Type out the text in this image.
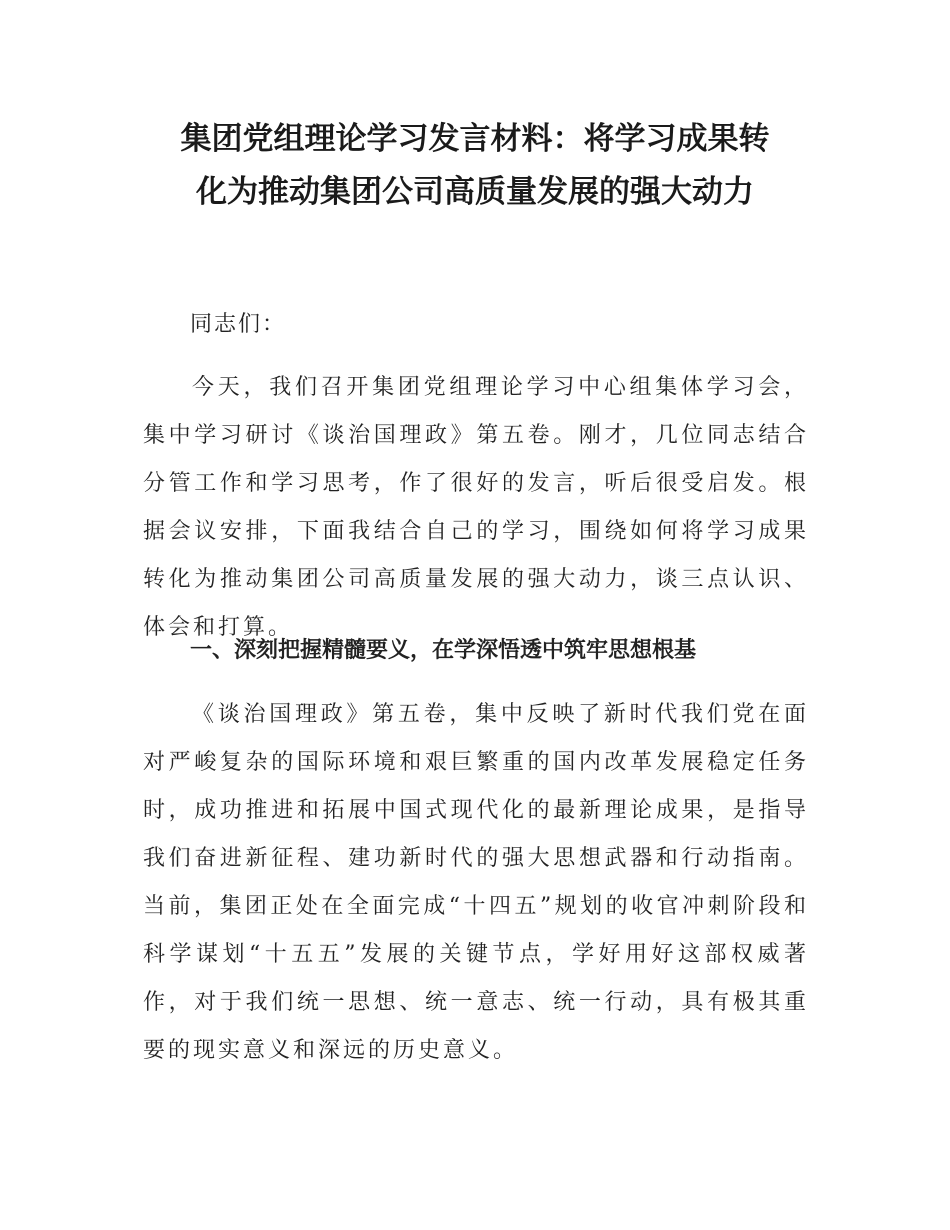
集团党组理论学习发言材料：将学习成果转
化为推动集团公司高质量发展的强大动力

同志们：

今天，我们召开集团党组理论学习中心组集体学习会，集中学习研讨《谈治国理政》第五卷。刚才，几位同志结合分管工作和学习思考，作了很好的发言，听后很受启发。根据会议安排，下面我结合自己的学习，围绕如何将学习成果转化为推动集团公司高质量发展的强大动力，谈三点认识、体会和打算。

一、深刻把握精髓要义，在学深悟透中筑牢思想根基

《谈治国理政》第五卷，集中反映了新时代我们党在面对严峻复杂的国际环境和艰巨繁重的国内改革发展稳定任务时，成功推进和拓展中国式现代化的最新理论成果，是指导我们奋进新征程、建功新时代的强大思想武器和行动指南。当前，集团正处在全面完成“十四五”规划的收官冲刺阶段和科学谋划“十五五”发展的关键节点，学好用好这部权威著作，对于我们统一思想、统一意志、统一行动，具有极其重要的现实意义和深远的历史意义。
